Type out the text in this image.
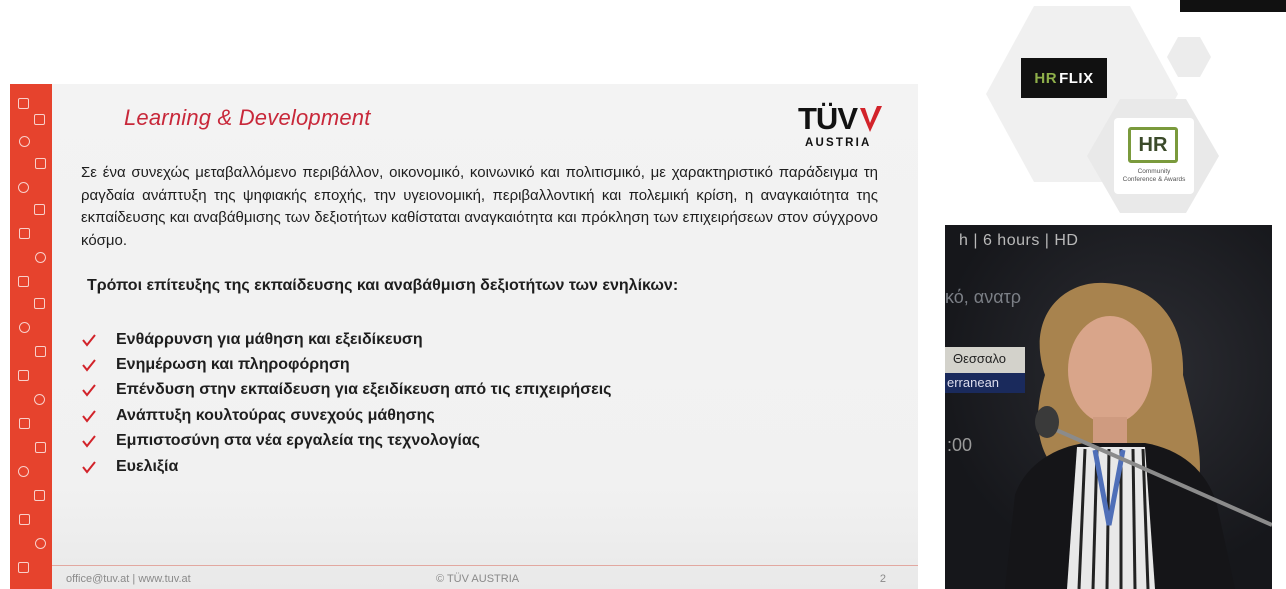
Learning & Development	TÜV
AUSTRIA
Σε ένα συνεχώς μεταβαλλόμενο περιβάλλον, οικονομικό, κοινωνικό και πολιτισμικό, με χαρακτηριστικό παράδειγμα τη ραγδαία ανάπτυξη της ψηφιακής εποχής, την υγειονομική, περιβαλλοντική και πολεμική κρίση, η αναγκαιότητα της εκπαίδευσης και αναβάθμισης των δεξιοτήτων καθίσταται αναγκαιότητα και πρόκληση των επιχειρήσεων στον σύγχρονο κόσμο.
Τρόποι επίτευξης της εκπαίδευσης και αναβάθμιση δεξιοτήτων των ενηλίκων:
Ενθάρρυνση για μάθηση και εξειδίκευση
Ενημέρωση και πληροφόρηση
Επένδυση στην εκπαίδευση για εξειδίκευση από τις επιχειρήσεις
Ανάπτυξη κουλτούρας συνεχούς μάθησης
Εμπιστοσύνη στα νέα εργαλεία της τεχνολογίας
Ευελιξία
office@tuv.at | www.tuv.at	© TÜV AUSTRIA	2
HR FLIX
HR
Community
Conference & Awards
h | 6 hours | HD
κό, ανατρ
Θεσσαλο
erranean
:00
